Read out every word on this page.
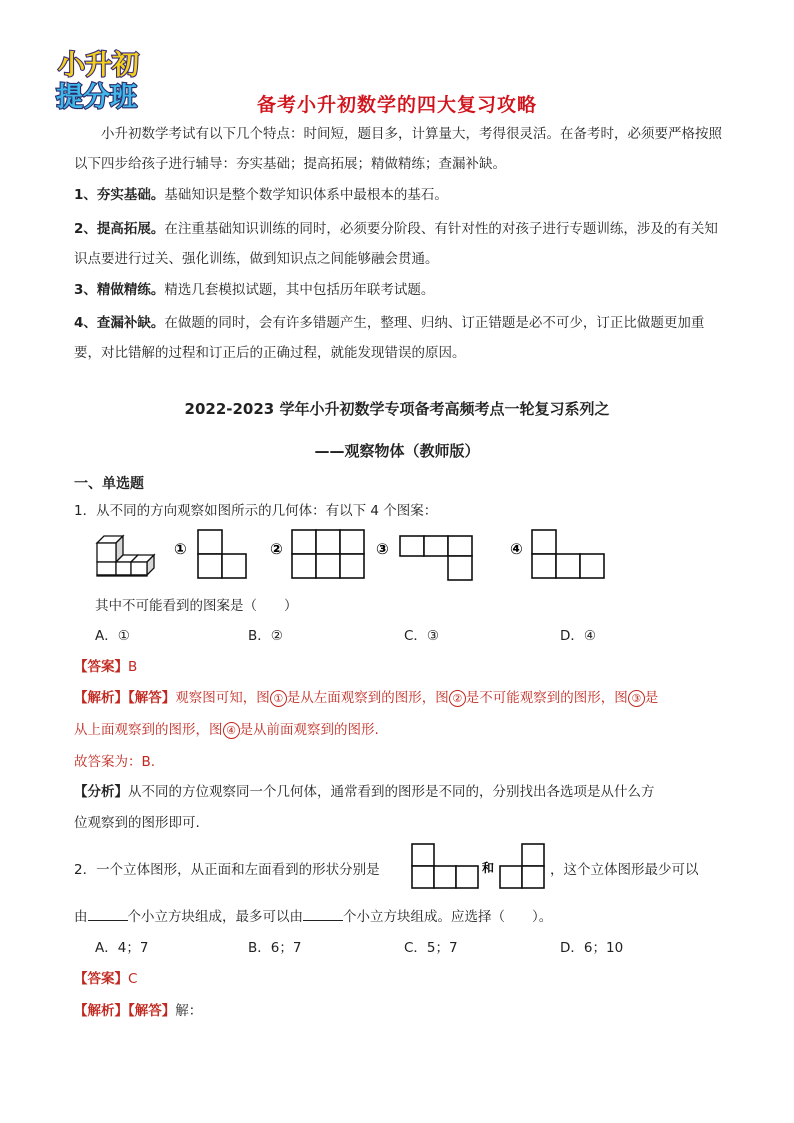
小升初
提分班	备考小升初数学的四大复习攻略
小升初数学考试有以下几个特点：时间短，题目多，计算量大，考得很灵活。在备考时，必须要严格按照以下四步给孩子进行辅导：夯实基础；提高拓展；精做精练；查漏补缺。
1、夯实基础。基础知识是整个数学知识体系中最根本的基石。
2、提高拓展。在注重基础知识训练的同时，必须要分阶段、有针对性的对孩子进行专题训练，涉及的有关知识点要进行过关、强化训练，做到知识点之间能够融会贯通。
3、精做精练。精选几套模拟试题，其中包括历年联考试题。
4、查漏补缺。在做题的同时，会有许多错题产生，整理、归纳、订正错题是必不可少，订正比做题更加重要，对比错解的过程和订正后的正确过程，就能发现错误的原因。
2022-2023 学年小升初数学专项备考高频考点一轮复习系列之
——观察物体（教师版）
一、单选题
1．从不同的方向观察如图所示的几何体：有以下 4 个图案：
①	②	③	④
其中不可能看到的图案是（　　）
A．①	B．②	C．③	D．④
【答案】B
【解析】【解答】观察图可知，图 ① 是从左面观察到的图形，图 ② 是不可能观察到的图形，图 ③ 是
从上面观察到的图形，图 ④ 是从前面观察到的图形.
故答案为：B.
【分析】从不同的方位观察同一个几何体，通常看到的图形是不同的，分别找出各选项是从什么方
位观察到的图形即可.
2．一个立体图形，从正面和左面看到的形状分别是	和	，这个立体图形最少可以
由	个小立方块组成，最多可以由	个小立方块组成。应选择（　　）。
A．4；7	B．6；7	C．5；7	D．6；10
【答案】C
【解析】【解答】解：
